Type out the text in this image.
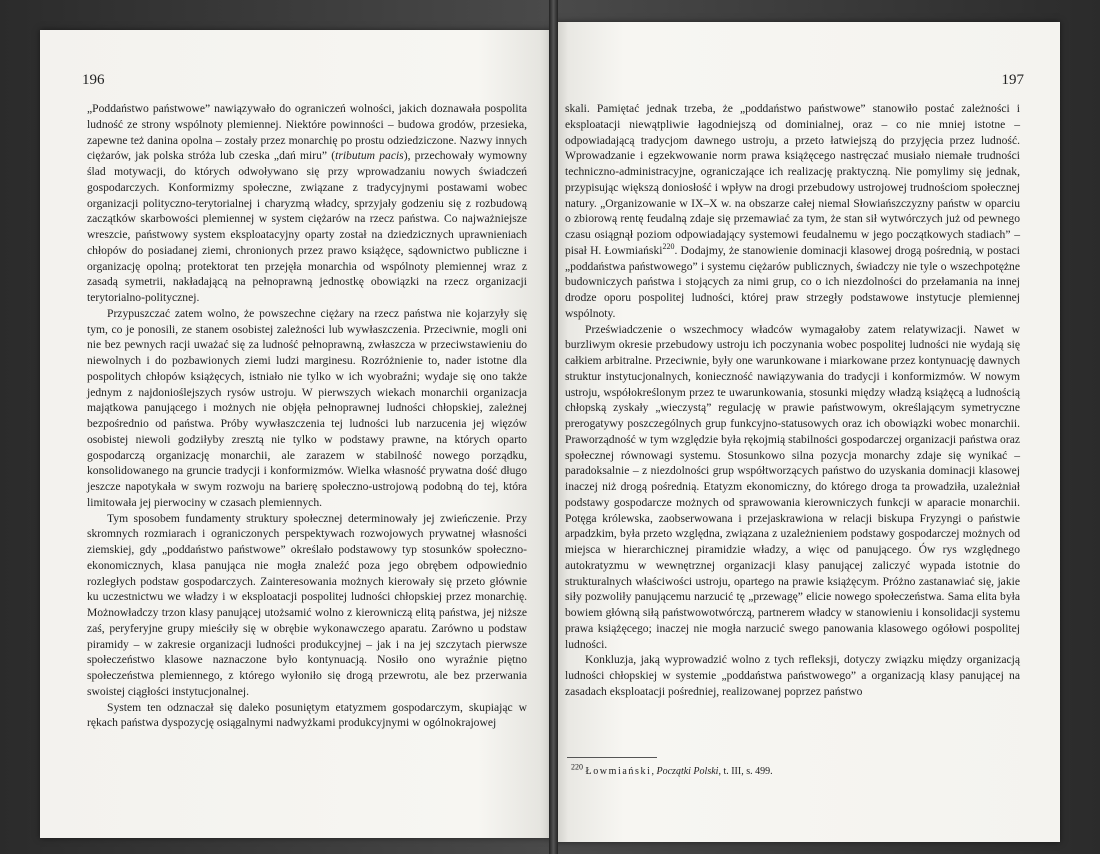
196

„Poddaństwo państwowe” nawiązywało do ograniczeń wolności, jakich doznawała pospolita ludność ze strony wspólnoty plemiennej. Niektóre powinności – budowa grodów, przesieka, zapewne też danina opolna – zostały przez monarchię po prostu odziedziczone. Nazwy innych ciężarów, jak polska stróża lub czeska „dań miru” (tributum pacis), przechowały wymowny ślad motywacji, do których odwoływano się przy wprowadzaniu nowych świadczeń gospodarczych. Konformizmy społeczne, związane z tradycyjnymi postawami wobec organizacji polityczno-terytorialnej i charyzmą władcy, sprzyjały godzeniu się z rozbudową zaczątków skarbowości plemiennej w system ciężarów na rzecz państwa. Co najważniejsze wreszcie, państwowy system eksploatacyjny oparty został na dziedzicznych uprawnieniach chłopów do posiadanej ziemi, chronionych przez prawo książęce, sądownictwo publiczne i organizację opolną; protektorat ten przejęła monarchia od wspólnoty plemiennej wraz z zasadą symetrii, nakładającą na pełnoprawną jednostkę obowiązki na rzecz organizacji terytorialno-politycznej.

Przypuszczać zatem wolno, że powszechne ciężary na rzecz państwa nie kojarzyły się tym, co je ponosili, ze stanem osobistej zależności lub wywłaszczenia. Przeciwnie, mogli oni nie bez pewnych racji uważać się za ludność pełnoprawną, zwłaszcza w przeciwstawieniu do niewolnych i do pozbawionych ziemi ludzi marginesu. Rozróżnienie to, nader istotne dla pospolitych chłopów książęcych, istniało nie tylko w ich wyobraźni; wydaje się ono także jednym z najdonioślejszych rysów ustroju. W pierwszych wiekach monarchii organizacja majątkowa panującego i możnych nie objęła pełnoprawnej ludności chłopskiej, zależnej bezpośrednio od państwa. Próby wywłaszczenia tej ludności lub narzucenia jej więzów osobistej niewoli godziłyby zresztą nie tylko w podstawy prawne, na których oparto gospodarczą organizację monarchii, ale zarazem w stabilność nowego porządku, konsolidowanego na gruncie tradycji i konformizmów. Wielka własność prywatna dość długo jeszcze napotykała w swym rozwoju na barierę społeczno-ustrojową podobną do tej, która limitowała jej pierwociny w czasach plemiennych.

Tym sposobem fundamenty struktury społecznej determinowały jej zwieńczenie. Przy skromnych rozmiarach i ograniczonych perspektywach rozwojowych prywatnej własności ziemskiej, gdy „poddaństwo państwowe” określało podstawowy typ stosunków społeczno-ekonomicznych, klasa panująca nie mogła znaleźć poza jego obrębem odpowiednio rozległych podstaw gospodarczych. Zainteresowania możnych kierowały się przeto głównie ku uczestnictwu we władzy i w eksploatacji pospolitej ludności chłopskiej przez monarchię. Możnowładczy trzon klasy panującej utożsamić wolno z kierowniczą elitą państwa, jej niższe zaś, peryferyjne grupy mieściły się w obrębie wykonawczego aparatu. Zarówno u podstaw piramidy – w zakresie organizacji ludności produkcyjnej – jak i na jej szczytach pierwsze społeczeństwo klasowe naznaczone było kontynuacją. Nosiło ono wyraźnie piętno społeczeństwa plemiennego, z którego wyłoniło się drogą przewrotu, ale bez przerwania swoistej ciągłości instytucjonalnej.

System ten odznaczał się daleko posuniętym etatyzmem gospodarczym, skupiając w rękach państwa dyspozycję osiągalnymi nadwyżkami produkcyjnymi w ogólnokrajowej

197

skali. Pamiętać jednak trzeba, że „poddaństwo państwowe” stanowiło postać zależności i eksploatacji niewątpliwie łagodniejszą od dominialnej, oraz – co nie mniej istotne – odpowiadającą tradycjom dawnego ustroju, a przeto łatwiejszą do przyjęcia przez ludność. Wprowadzanie i egzekwowanie norm prawa książęcego nastręczać musiało niemałe trudności techniczno-administracyjne, ograniczające ich realizację praktyczną. Nie pomylimy się jednak, przypisując większą doniosłość i wpływ na drogi przebudowy ustrojowej trudnościom społecznej natury. „Organizowanie w IX–X w. na obszarze całej niemal Słowiańszczyzny państw w oparciu o zbiorową rentę feudalną zdaje się przemawiać za tym, że stan sił wytwórczych już od pewnego czasu osiągnął poziom odpowiadający systemowi feudalnemu w jego początkowych stadiach” – pisał H. Łowmiański$^{220}$. Dodajmy, że stanowienie dominacji klasowej drogą pośrednią, w postaci „poddaństwa państwowego” i systemu ciężarów publicznych, świadczy nie tyle o wszechpotężne budowniczych państwa i stojących za nimi grup, co o ich niezdolności do przełamania na innej drodze oporu pospolitej ludności, której praw strzegły podstawowe instytucje plemiennej wspólnoty.

Przeświadczenie o wszechmocy władców wymagałoby zatem relatywizacji. Nawet w burzliwym okresie przebudowy ustroju ich poczynania wobec pospolitej ludności nie wydają się całkiem arbitralne. Przeciwnie, były one warunkowane i miarkowane przez kontynuację dawnych struktur instytucjonalnych, konieczność nawiązywania do tradycji i konformizmów. W nowym ustroju, współokreślonym przez te uwarunkowania, stosunki między władzą książęcą a ludnością chłopską zyskały „wieczystą” regulację w prawie państwowym, określającym symetryczne prerogatywy poszczególnych grup funkcyjno-statusowych oraz ich obowiązki wobec monarchii. Praworządność w tym względzie była rękojmią stabilności gospodarczej organizacji państwa oraz społecznej równowagi systemu. Stosunkowo silna pozycja monarchy zdaje się wynikać – paradoksalnie – z niezdolności grup współtworzących państwo do uzyskania dominacji klasowej inaczej niż drogą pośrednią. Etatyzm ekonomiczny, do którego droga ta prowadziła, uzależniał podstawy gospodarcze możnych od sprawowania kierowniczych funkcji w aparacie monarchii. Potęga królewska, zaobserwowana i przejaskrawiona w relacji biskupa Fryzyngi o państwie arpadzkim, była przeto względna, związana z uzależnieniem podstawy gospodarczej możnych od miejsca w hierarchicznej piramidzie władzy, a więc od panującego. Ów rys względnego autokratyzmu w wewnętrznej organizacji klasy panującej zaliczyć wypada istotnie do strukturalnych właściwości ustroju, opartego na prawie książęcym. Próżno zastanawiać się, jakie siły pozwoliły panującemu narzucić tę „przewagę” elicie nowego społeczeństwa. Sama elita była bowiem główną siłą państwowotwórczą, partnerem władcy w stanowieniu i konsolidacji systemu prawa książęcego; inaczej nie mogła narzucić swego panowania klasowego ogółowi pospolitej ludności.

Konkluzja, jaką wyprowadzić wolno z tych refleksji, dotyczy związku między organizacją ludności chłopskiej w systemie „poddaństwa państwowego” a organizacją klasy panującej na zasadach eksploatacji pośredniej, realizowanej poprzez państwo

$^{220}$ Łowmiański, Początki Polski, t. III, s. 499.
